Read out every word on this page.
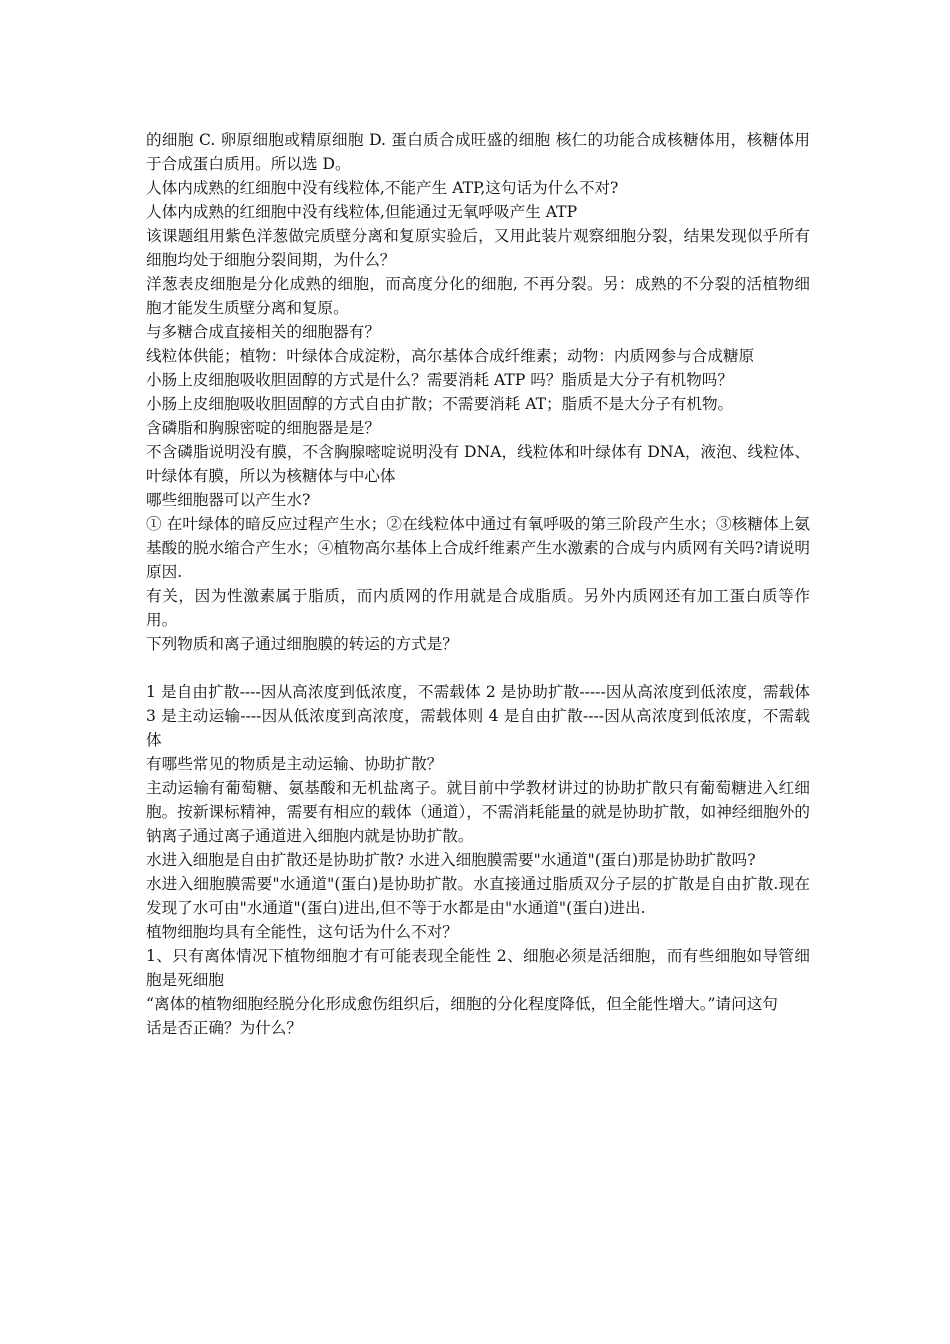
的细胞 C. 卵原细胞或精原细胞 D. 蛋白质合成旺盛的细胞 核仁的功能合成核糖体用，核糖体用于合成蛋白质用。所以选 D。

人体内成熟的红细胞中没有线粒体,不能产生 ATP,这句话为什么不对?

人体内成熟的红细胞中没有线粒体,但能通过无氧呼吸产生 ATP

该课题组用紫色洋葱做完质壁分离和复原实验后，又用此装片观察细胞分裂，结果发现似乎所有细胞均处于细胞分裂间期，为什么？

洋葱表皮细胞是分化成熟的细胞，而高度分化的细胞, 不再分裂。另：成熟的不分裂的活植物细胞才能发生质壁分离和复原。

与多糖合成直接相关的细胞器有？

线粒体供能；植物：叶绿体合成淀粉，高尔基体合成纤维素；动物：内质网参与合成糖原

小肠上皮细胞吸收胆固醇的方式是什么？需要消耗 ATP 吗？脂质是大分子有机物吗？

小肠上皮细胞吸收胆固醇的方式自由扩散；不需要消耗 AT；脂质不是大分子有机物。

含磷脂和胸腺密啶的细胞器是是？

不含磷脂说明没有膜，不含胸腺嘧啶说明没有 DNA，线粒体和叶绿体有 DNA，液泡、线粒体、叶绿体有膜，所以为核糖体与中心体

哪些细胞器可以产生水?

① 在叶绿体的暗反应过程产生水；②在线粒体中通过有氧呼吸的第三阶段产生水；③核糖体上氨基酸的脱水缩合产生水；④植物高尔基体上合成纤维素产生水激素的合成与内质网有关吗?请说明原因.

有关，因为性激素属于脂质，而内质网的作用就是合成脂质。另外内质网还有加工蛋白质等作用。

下列物质和离子通过细胞膜的转运的方式是？

1 是自由扩散----因从高浓度到低浓度，不需载体 2 是协助扩散-----因从高浓度到低浓度，需载体 3 是主动运输----因从低浓度到高浓度，需载体则 4 是自由扩散----因从高浓度到低浓度，不需载体

有哪些常见的物质是主动运输、协助扩散？

主动运输有葡萄糖、氨基酸和无机盐离子。就目前中学教材讲过的协助扩散只有葡萄糖进入红细胞。按新课标精神，需要有相应的载体（通道），不需消耗能量的就是协助扩散，如神经细胞外的钠离子通过离子通道进入细胞内就是协助扩散。

水进入细胞是自由扩散还是协助扩散? 水进入细胞膜需要"水通道"(蛋白)那是协助扩散吗?

水进入细胞膜需要"水通道"(蛋白)是协助扩散。水直接通过脂质双分子层的扩散是自由扩散.现在发现了水可由"水通道"(蛋白)进出,但不等于水都是由"水通道"(蛋白)进出.

植物细胞均具有全能性，这句话为什么不对？

1、只有离体情况下植物细胞才有可能表现全能性 2、细胞必须是活细胞，而有些细胞如导管细胞是死细胞

“离体的植物细胞经脱分化形成愈伤组织后，细胞的分化程度降低，但全能性增大。”请问这句

话是否正确？为什么？
